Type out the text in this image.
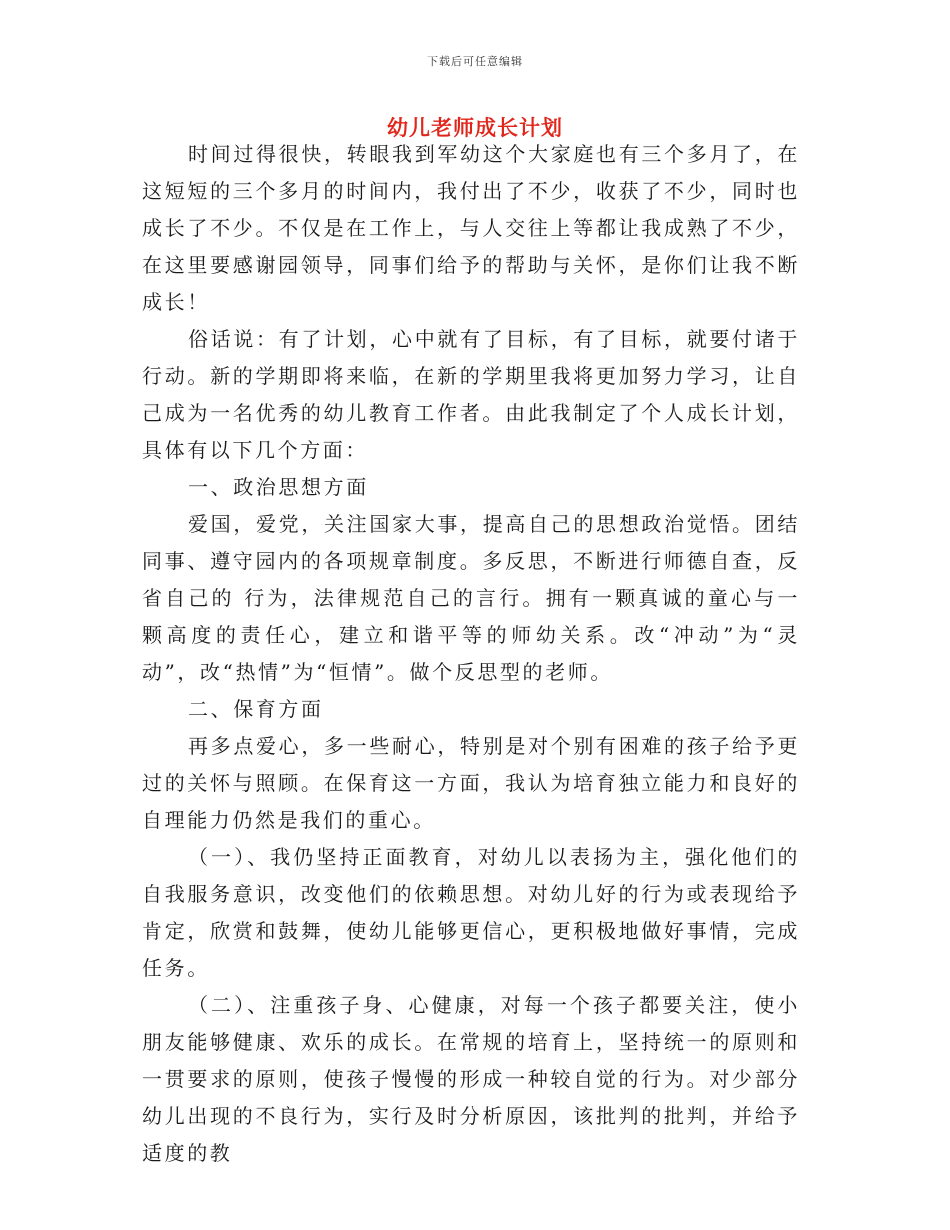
下载后可任意编辑
幼儿老师成长计划

时间过得很快，转眼我到军幼这个大家庭也有三个多月了，在这短短的三个多月的时间内，我付出了不少，收获了不少，同时也成长了不少。不仅是在工作上，与人交往上等都让我成熟了不少，在这里要感谢园领导，同事们给予的帮助与关怀，是你们让我不断成长！

俗话说：有了计划，心中就有了目标，有了目标，就要付诸于行动。新的学期即将来临，在新的学期里我将更加努力学习，让自己成为一名优秀的幼儿教育工作者。由此我制定了个人成长计划，具体有以下几个方面：

一、政治思想方面

爱国，爱党，关注国家大事，提高自己的思想政治觉悟。团结同事、遵守园内的各项规章制度。多反思，不断进行师德自查，反省自己的 行为，法律规范自己的言行。拥有一颗真诚的童心与一颗高度的责任心，建立和谐平等的师幼关系。改“冲动”为“灵动”，改“热情”为“恒情”。做个反思型的老师。

二、保育方面

再多点爱心，多一些耐心，特别是对个别有困难的孩子给予更过的关怀与照顾。在保育这一方面，我认为培育独立能力和良好的自理能力仍然是我们的重心。

（一）、我仍坚持正面教育，对幼儿以表扬为主，强化他们的自我服务意识，改变他们的依赖思想。对幼儿好的行为或表现给予肯定，欣赏和鼓舞，使幼儿能够更信心，更积极地做好事情，完成任务。

（二）、注重孩子身、心健康，对每一个孩子都要关注，使小朋友能够健康、欢乐的成长。在常规的培育上，坚持统一的原则和一贯要求的原则，使孩子慢慢的形成一种较自觉的行为。对少部分幼儿出现的不良行为，实行及时分析原因，该批判的批判，并给予适度的教
